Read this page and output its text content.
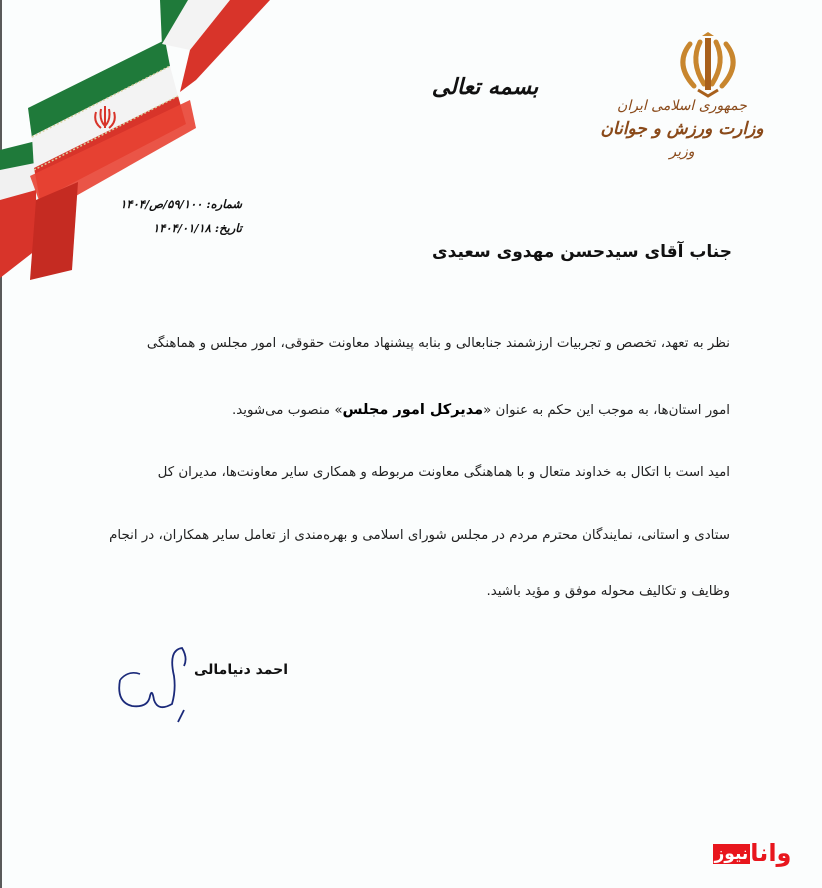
جمهوری اسلامی ایران
وزارت ورزش و جوانان
وزیر
بسمه تعالی
شماره: ۵۹/۱۰۰/ص/۱۴۰۴
تاریخ: ۱۴۰۴/۰۱/۱۸
جناب آقای سیدحسن مهدوی سعیدی
نظر به تعهد، تخصص و تجربیات ارزشمند جنابعالی و بنابه پیشنهاد معاونت حقوقی، امور مجلس و هماهنگی
امور استان‌ها، به موجب این حکم به عنوان «مدیرکل امور مجلس» منصوب می‌شوید.
امید است با اتکال به خداوند متعال و با هماهنگی معاونت مربوطه و همکاری سایر معاونت‌ها، مدیران کل
ستادی و استانی، نمایندگان محترم مردم در مجلس شورای اسلامی و بهره‌مندی از تعامل سایر همکاران، در انجام
وظایف و تکالیف محوله موفق و مؤید باشید.
احمد دنیامالی
وانانیوز
